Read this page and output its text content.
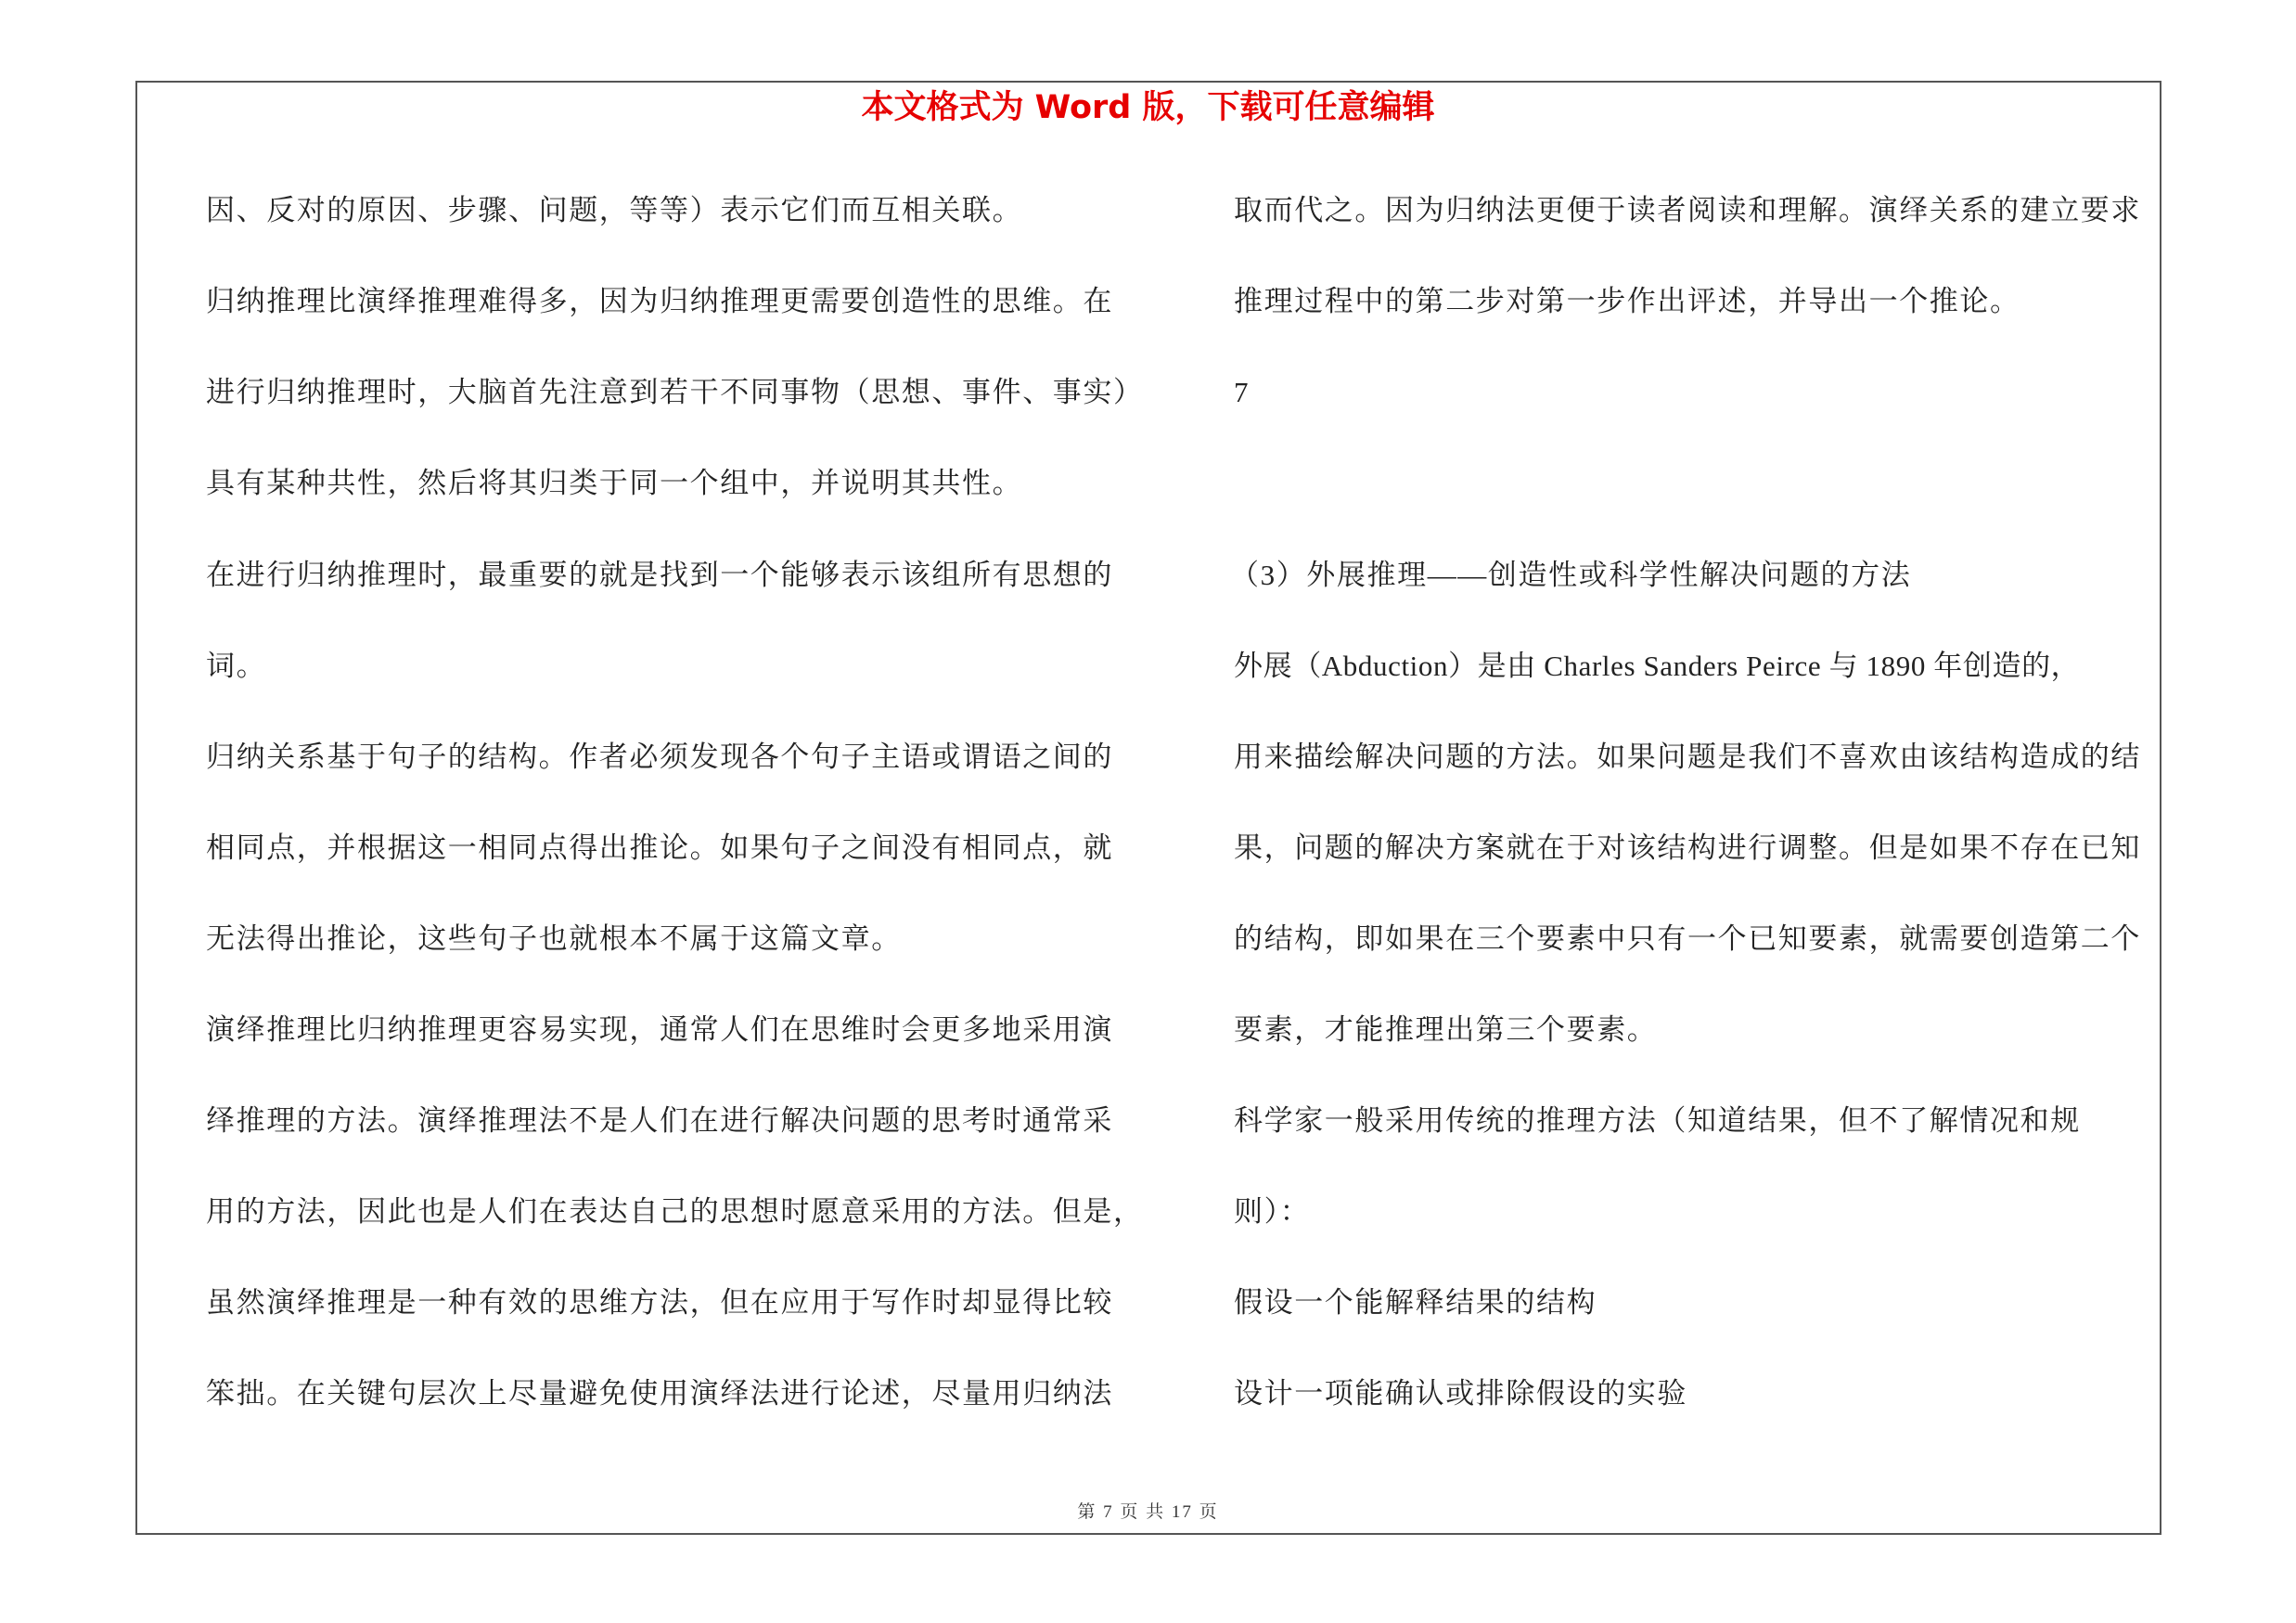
本文格式为 Word 版，下载可任意编辑
因、反对的原因、步骤、问题，等等）表示它们而互相关联。
归纳推理比演绎推理难得多，因为归纳推理更需要创造性的思维。在
进行归纳推理时，大脑首先注意到若干不同事物（思想、事件、事实）
具有某种共性，然后将其归类于同一个组中，并说明其共性。
在进行归纳推理时，最重要的就是找到一个能够表示该组所有思想的
词。
归纳关系基于句子的结构。作者必须发现各个句子主语或谓语之间的
相同点，并根据这一相同点得出推论。如果句子之间没有相同点，就
无法得出推论，这些句子也就根本不属于这篇文章。
演绎推理比归纳推理更容易实现，通常人们在思维时会更多地采用演
绎推理的方法。演绎推理法不是人们在进行解决问题的思考时通常采
用的方法，因此也是人们在表达自己的思想时愿意采用的方法。但是，
虽然演绎推理是一种有效的思维方法，但在应用于写作时却显得比较
笨拙。在关键句层次上尽量避免使用演绎法进行论述，尽量用归纳法
取而代之。因为归纳法更便于读者阅读和理解。演绎关系的建立要求
推理过程中的第二步对第一步作出评述，并导出一个推论。
7
（3）外展推理——创造性或科学性解决问题的方法
外展（Abduction）是由 Charles Sanders Peirce 与 1890 年创造的，
用来描绘解决问题的方法。如果问题是我们不喜欢由该结构造成的结
果，问题的解决方案就在于对该结构进行调整。但是如果不存在已知
的结构，即如果在三个要素中只有一个已知要素，就需要创造第二个
要素，才能推理出第三个要素。
科学家一般采用传统的推理方法（知道结果，但不了解情况和规
则）：
假设一个能解释结果的结构
设计一项能确认或排除假设的实验
第 7 页 共 17 页
